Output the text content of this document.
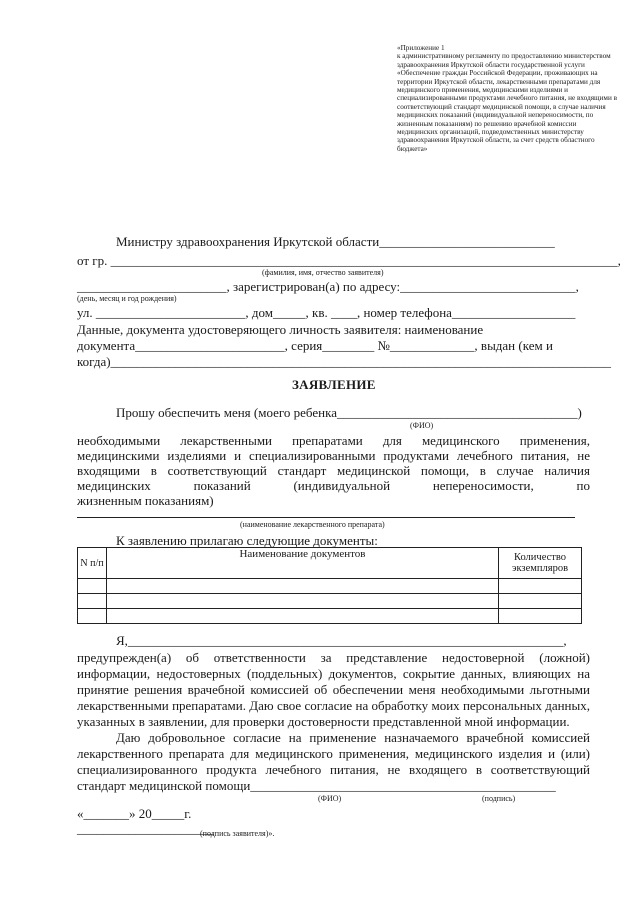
«Приложение 1
к административному регламенту по предоставлению министерством здравоохранения Иркутской области государственной услуги «Обеспечение граждан Российской Федерации, проживающих на территории Иркутской области, лекарственными препаратами для медицинского применения, медицинскими изделиями и специализированными продуктами лечебного питания, не входящими в соответствующий стандарт медицинской помощи, в случае наличия медицинских показаний (индивидуальной непереносимости, по жизненным показаниям) по решению врачебной комиссии медицинских организаций, подведомственных министерству здравоохранения Иркутской области, за счет средств областного бюджета»
Министру здравоохранения Иркутской области___________________________
от гр. ______________________________________________________________________________,
(фамилия, имя, отчество заявителя)
_______________________, зарегистрирован(а) по адресу:___________________________,
(день, месяц и год рождения)
ул. _______________________, дом_____, кв. ____, номер телефона___________________
Данные, документа удостоверяющего личность заявителя: наименование
документа_______________________, серия________ №_____________, выдан (кем и
когда)_____________________________________________________________________________
ЗАЯВЛЕНИЕ
Прошу обеспечить меня (моего ребенка_____________________________________)
(ФИО)
необходимыми лекарственными препаратами для медицинского применения,
медицинскими изделиями и специализированными продуктами лечебного питания, не
входящими в соответствующий стандарт медицинской помощи, в случае наличия
медицинских показаний (индивидуальной непереносимости, по
жизненным показаниям)
(наименование лекарственного препарата)
К заявлению прилагаю следующие документы:
N п/п	Наименование документов	Количество экземпляров

Я,___________________________________________________________________,
предупрежден(а) об ответственности за представление недостоверной (ложной)
информации, недостоверных (поддельных) документов, сокрытие данных, влияющих на
принятие решения врачебной комиссией об обеспечении меня необходимыми льготными
лекарственными препаратами. Даю свое согласие на обработку моих персональных данных,
указанных в заявлении, для проверки достоверности представленной мной информации.
Даю добровольное согласие на применение назначаемого врачебной комиссией
лекарственного препарата для медицинского применения, медицинского изделия и (или)
специализированного продукта лечебного питания, не входящего в соответствующий
стандарт медицинской помощи_______________________________________________
(ФИО)	(подпись)
«_______» 20_____г.
_____________________
(подпись заявителя)».
